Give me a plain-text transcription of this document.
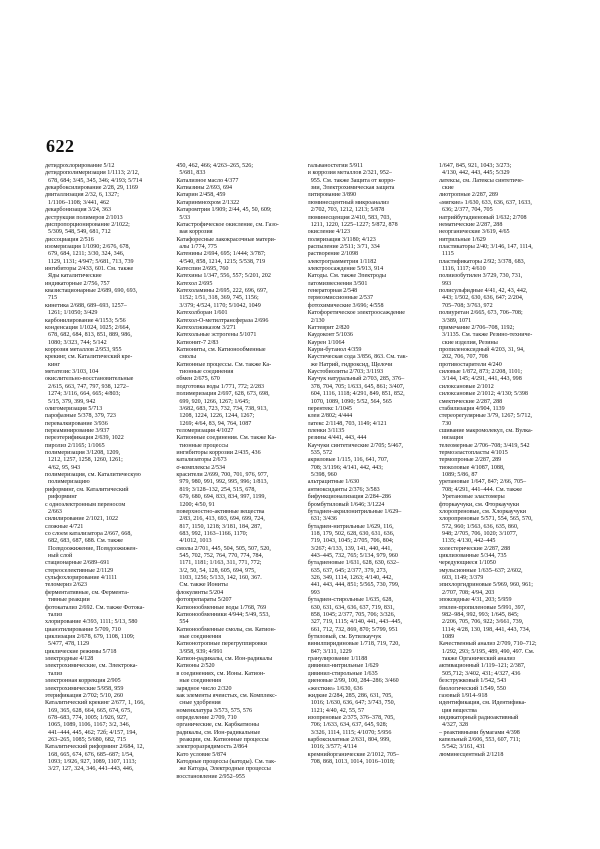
622
детидрохлорирование 5/12
детидрополимеризация 1/1113; 2/12,
678, 684; 3/45, 345, 346; 4/193; 5/714
декарбоксилирование 2/28, 29, 1169
двиталлизация 2/32, 6, 1327;
1/1106–1108; 3/441, 462
декарбонизация 3/24, 363
деструкция полимеров 2/1013
диспропорционирование 2/1022;
5/309, 548, 549, 681, 712
диссоциация 2/516
изомеризация 1/1090; 2/676, 678,
679, 684, 1211; 3/30, 324, 346,
1129, 1131; 4/947; 5/681, 713, 739
ингибиторы 2/433, 601. См. также
Яды каталитические
индикаторные 2/756, 757
квазистационарные 2/689, 690, 693,
715
кинетика 2/688, 689–693, 1257–
1261; 1/1050; 3/429
карбонилирование 4/1153; 5/56
конденсация 1/1024, 1025; 2/664,
678, 682, 684, 813, 851, 889, 986,
1080; 3/323, 744; 5/142
коррозия металлов 2/953, 955
крекинг, см. Каталитический кре-
кинг
метатезис 3/103, 104
окислительно-восстановительные
2/615, 663, 747, 797, 938, 1272–
1274; 3/116, 664, 665; 4/803;
5/15, 379, 399, 942
олигомеризация 5/713
парофазные 5/378, 379, 723
перевалкирование 3/936
переаминирование 3/937
переэтерификация 2/639, 1022
пиролиз 2/1165; 1/1065
полимеризация 3/1208, 1209,
1212, 1257, 1258, 1260, 1261;
4/62, 95, 943
полимеризация, см. Каталитическую
полимеризацию
риформинг, см. Каталитический
риформинг
с одноэлектронным переносом
2/663
силилирование 2/1021, 1022
сложные 4/721
со слоем катализатора 2/667, 668,
682, 683, 687, 688. См. также
Псевдоожижение, Псевдоожижен-
ный слой
стационарные 2/689–691
стереоселективные 2/1129
сульфохлорирование 4/1111
теломериз 2/623
ферментативные, см. Фермента-
тивные реакции
фотокатализ 2/692. См. также Фотока-
тализ
хлорирование 4/393, 1111; 5/13, 580
цианэтилирование 5/709, 710
циклизация 2/678, 679, 1108, 1109;
5/477, 478, 1129
циклические режимы 5/718
электродные 4/128
электрохимические, см. Электрока-
тализ
электронная коррекция 2/905
электрохимические 5/958, 959
этерификация 2/702; 5/10, 260
Каталитический крекинг 2/677, 1, 166,
169, 365, 628, 664, 665, 674, 675,
678–683, 774, 1005; 1/926, 927,
1065, 1089, 1106, 1167; 3/2, 346,
441–444, 445, 462; 72б; 4/157, 194,
263–265, 1085; 5/680, 682, 715
Каталитический риформинг 2/684, 12,
168, 665, 674, 676, 685–687; 1/54,
1093; 1/926, 927, 1089, 1107, 1113;
3/27, 127, 324, 346, 441–443, 446,
450, 462, 466; 4/263–265, 526;
5/681, 833
Катализное масло 4/377
Катиазины 2/693, 694
Катарин 2/458, 459
Катаринмнохром 2/1322
Катаромтрия 1/909; 2/44, 45, 50, 609;
5/33
Катастрофическое окисление, см. Газо-
вая коррозия
Катафоресные лакокрасочные матери-
алы 1/774, 775
Катенины 2/694, 695; 1/444; 3/787;
4/540, 858, 1214, 1215; 5/538, 719
Катеспин 2/695, 760
Катехины 1/347, 556, 557; 5/201, 202
Катехол 2/695
Катехоламины 2/695, 222, 696, 697,
1152; 1/51, 318, 369, 745, 1156;
3/379; 4/524, 1170; 5/1042, 1049
Катехолборан 1/601
Катехол-O-метилтрансфераза 2/696
Катехолэкиказом 3/271
Катехольные эстрогены 5/1071
Катионит-7 2/83
Катиониты, см. Катионообменные
смолы
Катионные процессы. См. также Ка-
тионные соединения
обмен 2/675, 670
подготовка воды 1/771, 772; 2/283
полимеризация 2/697, 628, 673, 698,
699, 920, 1266, 1267; 1/645;
3/682, 683, 723, 732, 734, 738, 913,
1208, 1224, 1226, 1244, 1267;
1269; 4/64, 83, 94, 764, 1087
теломеризация 4/1027
Катионные соединения. См. также Ка-
тионные процессы
ингибиторы коррозии 2/435, 436
катализаторы 2/673
σ-комплексы 2/534
красители 2/699, 700, 701, 976, 977,
979, 980, 991, 992, 995, 996; 1/813,
819; 3/128–132, 254, 515, 678,
679, 680, 694, 833, 834, 997, 1199,
1200; 4/50, 91
поверхностно-активные вещества
2/83, 216, 413, 693, 694, 699, 724,
817, 1150, 1218; 3/181, 184, 287,
683, 992, 1163–1166, 1170;
4/1012, 1013
смолы 2/701, 445, 504, 505, 507, 520,
545, 702, 752, 764, 770, 774, 784,
1171, 1181; 1/163, 311, 771, 772;
3/2, 50, 54, 128, 605, 694, 975,
1103, 1256; 5/133, 142, 160, 367.
См. также Иониты
флокулянты 5/204
фотопрепараты 5/207
Катионообменные воды 1/768, 769
Катионообменники 4/944; 5/49, 553,
554
Катионообменные смолы, см. Катион-
ные соединения
Катионотропные перегруппировки
3/958, 939; 4/991
Катион-радикалы, см. Ион-радикалы
Катионы 2/520
в соединениях, см. Ионы. Катион-
ные соединения
зарядное число 2/320
как элементы ячеистых, см. Комплекс-
сные удобрения
номенклатура 3/573, 575, 576
определение 2/709, 710
органические, см. Карбкатионы
радикалы, см. Ион-радикальные
реакции, см. Катионные процессы
электроразрядимость 2/864
Като условие 5/874
Катодные процессы (катоды). См. так-
же Катоды, Электродные процессы
восстановление 2/952–955
гальваностегии 5/911
и коррозия металлов 2/321, 952–
955. См. также Защита от корро-
зии, Электрохимическая защита
литирование 3/890
люминесцентный микроанализ
2/702, 703, 1212, 1213; 5/878
люминесценция 2/410, 583, 703,
1211, 1220, 1225–1227; 5/872, 878
окисление 4/123
поляризация 3/1180; 4/123
распыление 2/511; 3/71, 334
растворение 2/1098
электрограмметрия 1/1182
электроосаждение 5/913, 914
Катоды. См. также Электроды
латомизвеснения 3/501
генераторная 2/548
термоэмиссионные 2/537
фотохимические 3/696; 4/558
Катофоретическое электроосаждение
2/130
Каттеврит 2/820
Каудоконт 5/1036
Каурен 1/1064
Каури-бутанол 4/359
Каустическая сода 3/856, 863. См. так-
же Натрий, гидроксид, Щелочи
Каустобиолиты 2/703; 3/1193
Каучук натуральный 2/703, 285, 376–
378, 704, 705; 1/633, 645, 861; 3/407,
604, 1116, 1118; 4/291, 849, 851, 852,
1070, 1089, 1090; 5/52, 564, 565
перентекс 1/1045
клеи 2/802; 4/444
латекс 2/1148, 703, 1149; 4/121
пленки 3/1135
резины 4/441, 443, 444
Каучуки синтетические 2/705; 5/467,
535, 572
акриловые 1/115, 116, 641, 707,
708; 3/1196; 4/141, 442, 443;
5/398, 960
альтрацитные 1/630
антиоксиданты 2/376; 3/583
бифункционализация 2/284–286
бромбутиловый 1/646; 3/1224
бутадиен-акрилонитрильные 1/629–
631; 3/436
бутадиен-нитрильные 1/629, 116,
118, 179, 502, 628, 630, 631, 636,
719, 1043, 1045; 2/705, 706, 804;
3/267; 4/133, 139, 141, 440, 441,
443–445, 732, 765; 5/134, 979, 960
бутадиеновые 1/631, 628, 630, 632–
635, 637, 645; 2/377, 379, 273,
326, 349, 1114, 1263; 4/140, 442,
441, 443, 444, 851; 5/565, 730, 799,
993
бутадиен-стирольные 1/635, 628,
630, 631, 634, 636, 637, 719, 831,
858, 1045; 2/377, 705, 706; 3/326,
327, 719, 1115; 4/140, 441, 443–445,
661, 712, 732, 869, 870; 5/799, 951
бутиловый, см. Бутилкаучук
винилпиридиновые 1/718, 719, 720,
847; 3/111, 1229
гранулирование 1/1188
дивинил-нитрильные 1/629
дивинил-стирольные 1/635
диеновые 2/99, 100, 284–286; 3/460
«жесткие» 1/630, 636
жидкие 2/284, 285, 286, 631, 705,
1016; 1/630, 636, 647; 3/743, 750,
1121; 4/40, 42, 55, 57
изопреновые 2/375, 376–378, 705,
706; 1/633, 634, 637, 645, 928;
3/326, 1114, 1115; 4/1070; 5/956
карбоксилатные 2/631, 804, 999,
1016; 3/577; 4/114
кремнийорганические 2/1012, 705–
708, 868, 1013, 1014, 1016–1018;
1/647, 845, 921, 1043; 3/273;
4/130, 442, 443, 445; 5/329
латексы, см. Латексы синтетиче-
ские
лиотропные 2/287, 289
«мягкие» 1/630, 633, 636, 637, 1633,
636; 2/377, 704, 705
натрийбутадиеновый 1/632; 2/708
нематические 2/287, 288
неорганические 3/619, 4/65
нитрильные 1/629
пластикаторы 2/40; 3/146, 147, 1114,
1115
пластификаторы 2/92; 3/378, 683,
1116, 1117; 4/610
полиизобутилен 3/729, 730, 731,
993
полисульфидные 4/41, 42, 43, 442,
443; 1/502, 630, 636, 647; 2/204,
705–708; 3/763, 972
полиуретан 2/665, 673, 706–708;
3/389, 1071
примечание 2/706–708, 1192;
3/1135. См. также Резино-техниче-
ские изделия, Резины
пропиленоксидный 4/203, 31, 94,
202, 706, 707, 708
противостарители 4/240
силовые 1/872, 873; 2/208, 1101;
3/144, 145; 4/291, 441, 443, 998
силоксановые 2/1012
силоксановые 2/1012; 4/130; 5/398
смектические 2/287, 288
стабилизация 4/904, 1139
стереорегулярные 3/79, 1267; 5/712,
730
сшивание макромолекул, см. Вулка-
низация
телеомерные 2/706–708; 3/419, 542
термоэластопласты 4/1015
термопроные 2/287, 289
тиоколовые 4/1087, 1088,
1089; 5/86, 87
уретановые 1/647, 847; 2/66, 705–
708; 4/291, 441–444. См. также
Уретановые эластомеры
фторкаучуки, см. Фторкаучуки
хлоропреновые, см. Хлоркаучуки
хлоропреновые 5/571, 554, 565, 570,
572, 960; 1/563, 636, 635, 860,
948; 2/705, 706, 1020; 3/1077,
1135; 4/130, 442–445
холестерические 2/287, 288
циклизованные 5/344, 735
чередующиеся 1/1050
эмульсионные 1/635–637; 2/602,
603, 1149; 3/379
эпихлоргидриновые 5/969, 960, 961;
2/707, 708; 4/94, 203
эпоксидные 4/31, 203; 5/959
этилен-пропиленовые 5/991, 397,
982–984, 992, 993; 1/645, 845;
2/206, 705, 706, 922; 3/661, 739,
1114; 4/28, 130, 198, 441, 443, 734,
1089
Качественный анализ 2/709, 710–712;
1/292, 293; 5/195, 489, 490, 497. См.
также Органический анализ
активационный 1/119–121; 2/387,
505,712; 3/402, 431; 4/327, 436
безстружковый 1/542, 543
биологический 1/549, 550
газовый 1/914–918
идентификация, см. Идентифика-
ция вещества
индикаторный радиоактивный
4/327, 328
– реактивными бумагами 4/398
капельный 2/606, 553, 607, 711;
5/542; 3/161, 431
люминесцентный 2/1218
